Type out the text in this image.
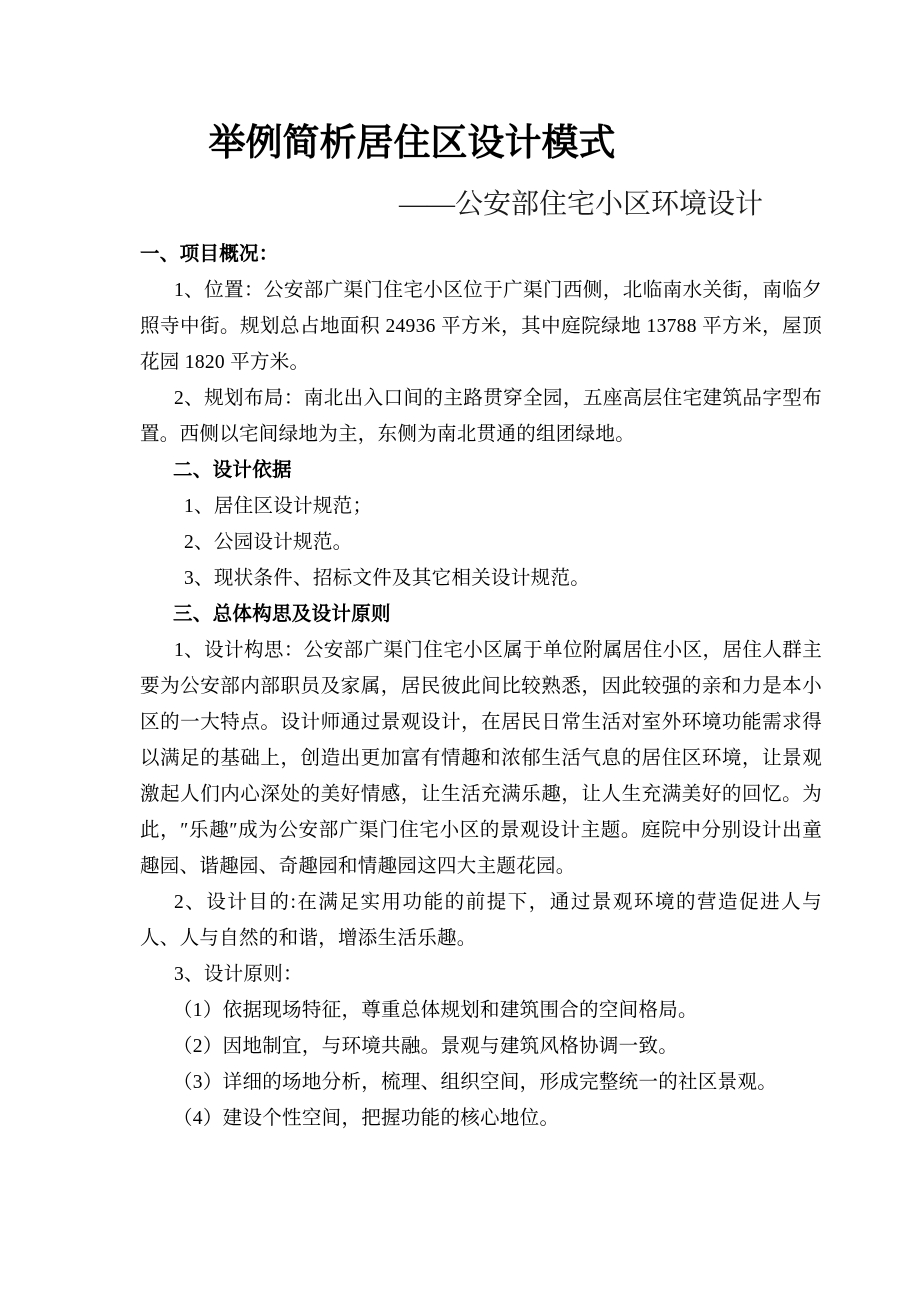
举例简析居住区设计模式
——公安部住宅小区环境设计
一、项目概况：
1、位置：公安部广渠门住宅小区位于广渠门西侧，北临南水关街，南临夕照寺中街。规划总占地面积 24936 平方米，其中庭院绿地 13788 平方米，屋顶花园 1820 平方米。
2、规划布局：南北出入口间的主路贯穿全园，五座高层住宅建筑品字型布置。西侧以宅间绿地为主，东侧为南北贯通的组团绿地。
二、设计依据
1、居住区设计规范；
2、公园设计规范。
3、现状条件、招标文件及其它相关设计规范。
三、总体构思及设计原则
1、设计构思：公安部广渠门住宅小区属于单位附属居住小区，居住人群主要为公安部内部职员及家属，居民彼此间比较熟悉，因此较强的亲和力是本小区的一大特点。设计师通过景观设计，在居民日常生活对室外环境功能需求得以满足的基础上，创造出更加富有情趣和浓郁生活气息的居住区环境，让景观激起人们内心深处的美好情感，让生活充满乐趣，让人生充满美好的回忆。为此，″乐趣″成为公安部广渠门住宅小区的景观设计主题。庭院中分别设计出童趣园、谐趣园、奇趣园和情趣园这四大主题花园。
2、设计目的:在满足实用功能的前提下，通过景观环境的营造促进人与人、人与自然的和谐，增添生活乐趣。
3、设计原则：
（1）依据现场特征，尊重总体规划和建筑围合的空间格局。
（2）因地制宜，与环境共融。景观与建筑风格协调一致。
（3）详细的场地分析，梳理、组织空间，形成完整统一的社区景观。
（4）建设个性空间，把握功能的核心地位。
